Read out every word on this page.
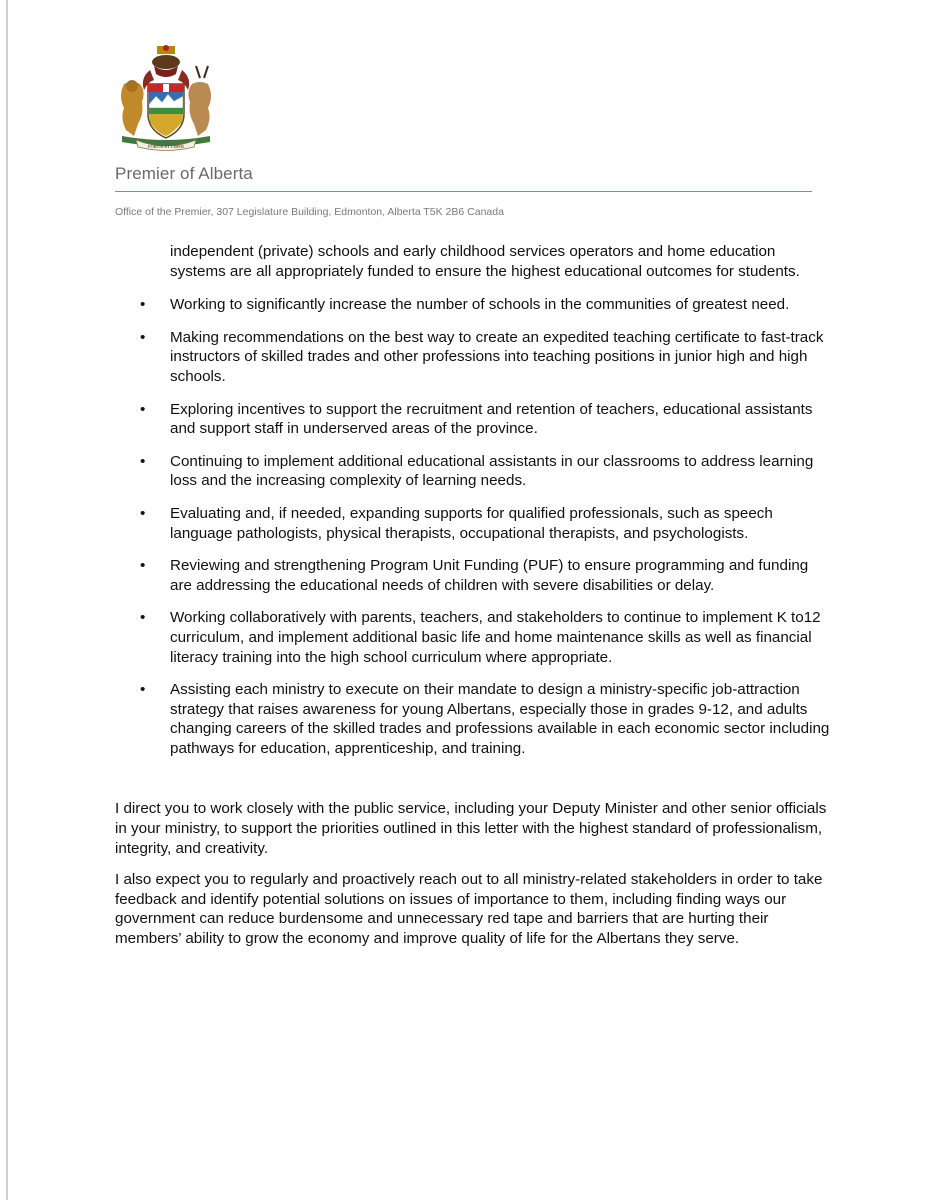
FORTIS ET LIBER
Premier of Alberta
Office of the Premier, 307 Legislature Building, Edmonton, Alberta T5K 2B6 Canada

independent (private) schools and early childhood services operators and home education systems are all appropriately funded to ensure the highest educational outcomes for students.

• Working to significantly increase the number of schools in the communities of greatest need.
• Making recommendations on the best way to create an expedited teaching certificate to fast-track instructors of skilled trades and other professions into teaching positions in junior high and high schools.
• Exploring incentives to support the recruitment and retention of teachers, educational assistants and support staff in underserved areas of the province.
• Continuing to implement additional educational assistants in our classrooms to address learning loss and the increasing complexity of learning needs.
• Evaluating and, if needed, expanding supports for qualified professionals, such as speech language pathologists, physical therapists, occupational therapists, and psychologists.
• Reviewing and strengthening Program Unit Funding (PUF) to ensure programming and funding are addressing the educational needs of children with severe disabilities or delay.
• Working collaboratively with parents, teachers, and stakeholders to continue to implement K to12 curriculum, and implement additional basic life and home maintenance skills as well as financial literacy training into the high school curriculum where appropriate.
• Assisting each ministry to execute on their mandate to design a ministry-specific job-attraction strategy that raises awareness for young Albertans, especially those in grades 9-12, and adults changing careers of the skilled trades and professions available in each economic sector including pathways for education, apprenticeship, and training.

I direct you to work closely with the public service, including your Deputy Minister and other senior officials in your ministry, to support the priorities outlined in this letter with the highest standard of professionalism, integrity, and creativity.

I also expect you to regularly and proactively reach out to all ministry-related stakeholders in order to take feedback and identify potential solutions on issues of importance to them, including finding ways our government can reduce burdensome and unnecessary red tape and barriers that are hurting their members’ ability to grow the economy and improve quality of life for the Albertans they serve.
